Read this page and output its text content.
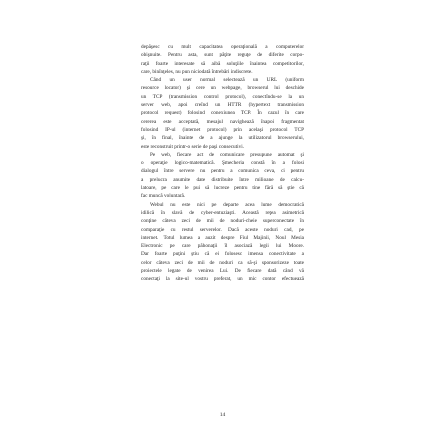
depăşesc cu mult capacitatea operaţională a computerelor
obişnuite. Pentru asta, sunt păţite reguţe de diferite corpo-
raţii foarte interesate să aibă soluţiile înaintea competitorilor,
care, binînţeles, nu pun niciodată întrebări indiscrete.
Când un user normal selectează un URL (uniform
resource locator) şi cere un webpage, browserul lui deschide
un TCP (transmission control protocol), conectîndu-se la un
server web, apoi creînd un HTTR (hypertext transmission
protocol request) folosind conexiunea TCP. În cazul în care
cererea este acceptată, mesajul navighează înapoi fragmentat
folosind IP-ul (internet protocol) prin acelaşi protocol TCP
şi, în final, înainte de a ajunge la utilizatorul browserului,
este reconstruit printr-o serie de paşi consecutivi.
Pe web, fiecare act de comunicare presupune automat şi
o operaţie logico-matematică. Şmecheria constă în a folosi
dialogul între servere nu pentru a comunica ceva, ci pentru
a prelucra anumite date distribuite între milioane de calcu-
latoare, pe care le pui să lucreze pentru tine fără să ştie că
fac muncă voluntară.
Webul nu este nici pe departe acea lume democratică
idilică în slavă de cyber-entuziaşti. Această reţea asimetrică
conţine câteva zeci de mii de noduri-cheie superconectate în
comparaţie cu restul serverelor. Dacă aceste noduri cad, pe
internet. Totul lumea a auzit despre Fiul Majinii, Noul Mesia
Electronic pe care păhonaţii îl asociază legii lui Moore.
Dar foarte puţini ştiu că ei folosesc imensa conectivitate a
celor câteva zeci de mii de noduri ca să-şi sponsorizeze toate
proiectele legate de venirea Lui. De fiecare dată când vă
conectaţi la site-ul vostru preferat, un mic contor efectuează
14
